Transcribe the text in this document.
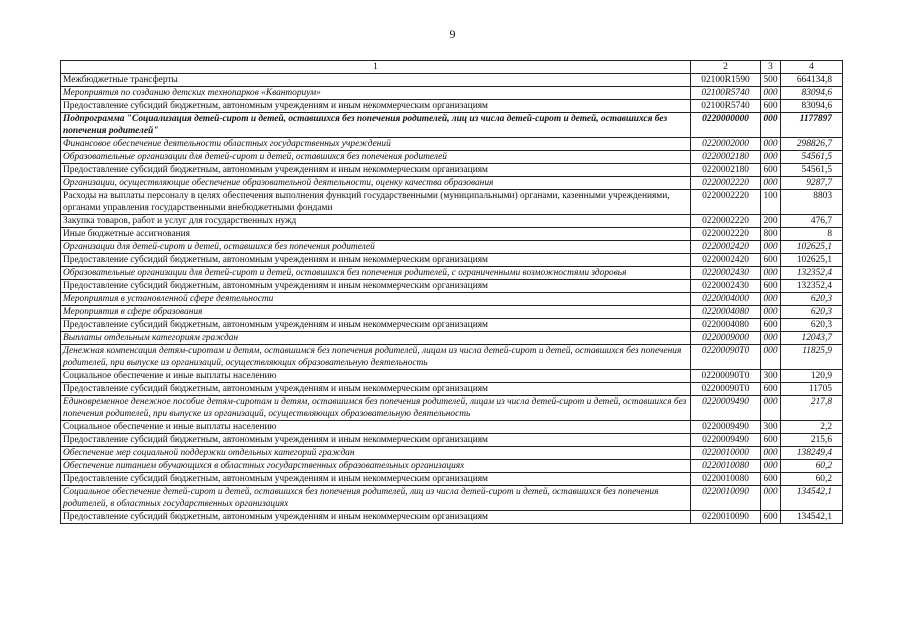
9
1	2	3	4
Межбюджетные трансферты	02100R1590	500	664134,8
Мероприятия по созданию детских технопарков «Кванториум»	02100R5740	000	83094,6
Предоставление субсидий бюджетным, автономным учреждениям и иным некоммерческим организациям	02100R5740	600	83094,6
Подпрограмма "Социализация детей-сирот и детей, оставшихся без попечения родителей, лиц из числа детей-сирот и детей, оставшихся без попечения родителей"	0220000000	000	1177897
Финансовое обеспечение деятельности областных государственных учреждений	0220002000	000	298826,7
Образовательные организации для детей-сирот и детей, оставшихся без попечения родителей	0220002180	000	54561,5
Предоставление субсидий бюджетным, автономным учреждениям и иным некоммерческим организациям	0220002180	600	54561,5
Организации, осуществляющие обеспечение образовательной деятельности, оценку качества образования	0220002220	000	9287,7
Расходы на выплаты персоналу в целях обеспечения выполнения функций государственными (муниципальными) органами, казенными учреждениями, органами управления государственными внебюджетными фондами	0220002220	100	8803
Закупка товаров, работ и услуг для государственных нужд	0220002220	200	476,7
Иные бюджетные ассигнования	0220002220	800	8
Организации для детей-сирот и детей, оставшихся без попечения родителей	0220002420	000	102625,1
Предоставление субсидий бюджетным, автономным учреждениям и иным некоммерческим организациям	0220002420	600	102625,1
Образовательные организации для детей-сирот и детей, оставшихся без попечения родителей, с ограниченными возможностями здоровья	0220002430	000	132352,4
Предоставление субсидий бюджетным, автономным учреждениям и иным некоммерческим организациям	0220002430	600	132352,4
Мероприятия в установленной сфере деятельности	0220004000	000	620,3
Мероприятия в сфере образования	0220004080	000	620,3
Предоставление субсидий бюджетным, автономным учреждениям и иным некоммерческим организациям	0220004080	600	620,3
Выплаты отдельным категориям граждан	0220009000	000	12043,7
Денежная компенсация детям-сиротам и детям, оставшимся без попечения родителей, лицам из числа детей-сирот и детей, оставшихся без попечения родителей, при выпуске из организаций, осуществляющих образовательную деятельность	02200090Т0	000	11825,9
Социальное обеспечение и иные выплаты населению	02200090Т0	300	120,9
Предоставление субсидий бюджетным, автономным учреждениям и иным некоммерческим организациям	02200090Т0	600	11705
Единовременное денежное пособие детям-сиротам и детям, оставшимся без попечения родителей, лицам из числа детей-сирот и детей, оставшихся без попечения родителей, при выпуске из организаций, осуществляющих образовательную деятельность	0220009490	000	217,8
Социальное обеспечение и иные выплаты населению	0220009490	300	2,2
Предоставление субсидий бюджетным, автономным учреждениям и иным некоммерческим организациям	0220009490	600	215,6
Обеспечение мер социальной поддержки отдельных категорий граждан	0220010000	000	138249,4
Обеспечение питанием обучающихся в областных государственных образовательных организациях	0220010080	000	60,2
Предоставление субсидий бюджетным, автономным учреждениям и иным некоммерческим организациям	0220010080	600	60,2
Социальное обеспечение детей-сирот и детей, оставшихся без попечения родителей, лиц из числа детей-сирот и детей, оставшихся без попечения родителей, в областных государственных организациях	0220010090	000	134542,1
Предоставление субсидий бюджетным, автономным учреждениям и иным некоммерческим организациям	0220010090	600	134542,1
